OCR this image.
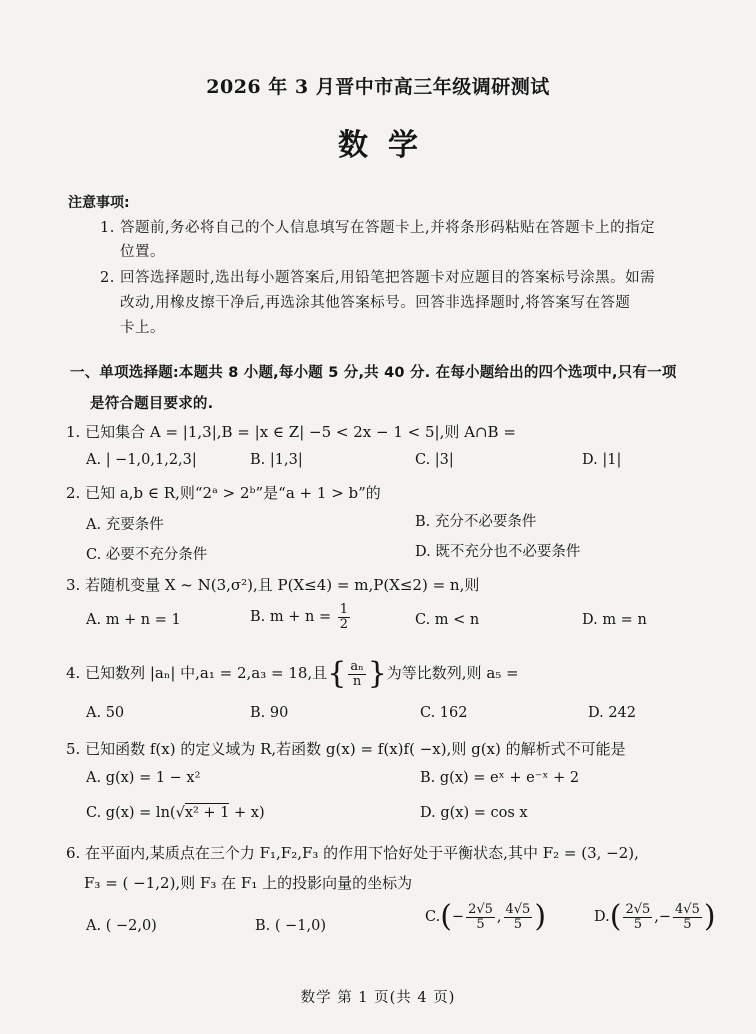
2026 年 3 月晋中市高三年级调研测试
数学
注意事项:
1. 答题前,务必将自己的个人信息填写在答题卡上,并将条形码粘贴在答题卡上的指定
位置。
2. 回答选择题时,选出每小题答案后,用铅笔把答题卡对应题目的答案标号涂黑。如需
改动,用橡皮擦干净后,再选涂其他答案标号。回答非选择题时,将答案写在答题
卡上。
一、单项选择题:本题共 8 小题,每小题 5 分,共 40 分. 在每小题给出的四个选项中,只有一项
是符合题目要求的.
1. 已知集合 A = |1,3|,B = |x ∈ Z| −5 < 2x − 1 < 5|,则 A∩B =
A. | −1,0,1,2,3|	B. |1,3|	C. |3|	D. |1|
2. 已知 a,b ∈ R,则“2ᵃ > 2ᵇ”是“a + 1 > b”的
A. 充要条件	B. 充分不必要条件
C. 必要不充分条件	D. 既不充分也不必要条件
3. 若随机变量 X ~ N(3,σ²),且 P(X≤4) = m,P(X≤2) = n,则
A. m + n = 1	B. $m + n = \frac{1}{2}$	C. m < n	D. m = n
4. 已知数列 |aₙ| 中,a₁ = 2,a₃ = 18,且{ $\frac{\text{aₙ}}{n}$ }为等比数列,则 a₅ =
A. 50	B. 90	C. 162	D. 242
5. 已知函数 f(x) 的定义域为 R,若函数 g(x) = f(x)f( −x),则 g(x) 的解析式不可能是
A. g(x) = 1 − x²	B. g(x) = eˣ + e⁻ˣ + 2
C. g(x) = ln(√x² + 1 + x)	D. g(x) = cos x
6. 在平面内,某质点在三个力 F₁,F₂,F₃ 的作用下恰好处于平衡状态,其中 F₂ = (3, −2),
F₃ = ( −1,2),则 F₃ 在 F₁ 上的投影向量的坐标为
A. ( −2,0)	B. ( −1,0)
$C.(- \frac{2√5}{5}$ , $\frac{4√5}{5}$ )	$D.( \frac{2√5}{5}$ ,− $\frac{4√5}{5}$ )
数学 第 1 页(共 4 页)
